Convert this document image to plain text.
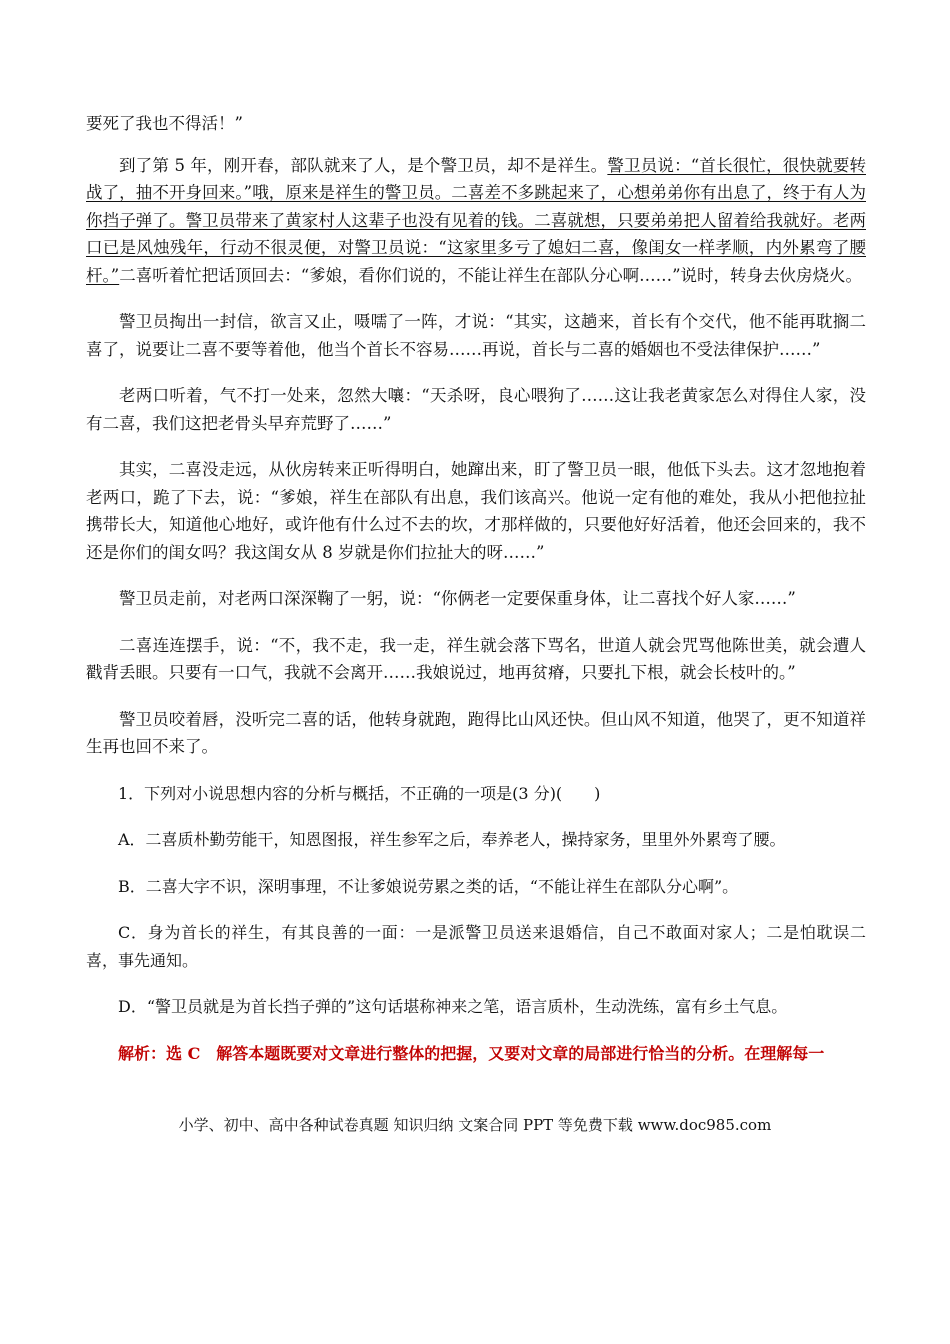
要死了我也不得活！”

到了第 5 年，刚开春，部队就来了人，是个警卫员，却不是祥生。警卫员说：“首长很忙，很快就要转战了，抽不开身回来。”哦，原来是祥生的警卫员。二喜差不多跳起来了，心想弟弟你有出息了，终于有人为你挡子弹了。警卫员带来了黄家村人这辈子也没有见着的钱。二喜就想，只要弟弟把人留着给我就好。老两口已是风烛残年，行动不很灵便，对警卫员说：“这家里多亏了媳妇二喜，像闺女一样孝顺，内外累弯了腰杆。”二喜听着忙把话顶回去：“爹娘，看你们说的，不能让祥生在部队分心啊……”说时，转身去伙房烧火。

警卫员掏出一封信，欲言又止，嗫嚅了一阵，才说：“其实，这趟来，首长有个交代，他不能再耽搁二喜了，说要让二喜不要等着他，他当个首长不容易……再说，首长与二喜的婚姻也不受法律保护……”

老两口听着，气不打一处来，忽然大嚷：“天杀呀，良心喂狗了……这让我老黄家怎么对得住人家，没有二喜，我们这把老骨头早弃荒野了……”

其实，二喜没走远，从伙房转来正听得明白，她蹿出来，盯了警卫员一眼，他低下头去。这才忽地抱着老两口，跪了下去，说：“爹娘，祥生在部队有出息，我们该高兴。他说一定有他的难处，我从小把他拉扯携带长大，知道他心地好，或许他有什么过不去的坎，才那样做的，只要他好好活着，他还会回来的，我不还是你们的闺女吗？我这闺女从 8 岁就是你们拉扯大的呀……”

警卫员走前，对老两口深深鞠了一躬，说：“你俩老一定要保重身体，让二喜找个好人家……”

二喜连连摆手，说：“不，我不走，我一走，祥生就会落下骂名，世道人就会咒骂他陈世美，就会遭人戳背丢眼。只要有一口气，我就不会离开……我娘说过，地再贫瘠，只要扎下根，就会长枝叶的。”

警卫员咬着唇，没听完二喜的话，他转身就跑，跑得比山风还快。但山风不知道，他哭了，更不知道祥生再也回不来了。

1．下列对小说思想内容的分析与概括，不正确的一项是(3 分)(　　)

A．二喜质朴勤劳能干，知恩图报，祥生参军之后，奉养老人，操持家务，里里外外累弯了腰。

B．二喜大字不识，深明事理，不让爹娘说劳累之类的话，“不能让祥生在部队分心啊”。

C．身为首长的祥生，有其良善的一面：一是派警卫员送来退婚信，自己不敢面对家人；二是怕耽误二喜，事先通知。

D．“警卫员就是为首长挡子弹的”这句话堪称神来之笔，语言质朴，生动洗练，富有乡土气息。

解析：选 C　解答本题既要对文章进行整体的把握，又要对文章的局部进行恰当的分析。在理解每一

小学、初中、高中各种试卷真题 知识归纳 文案合同 PPT 等免费下载 www.doc985.com
